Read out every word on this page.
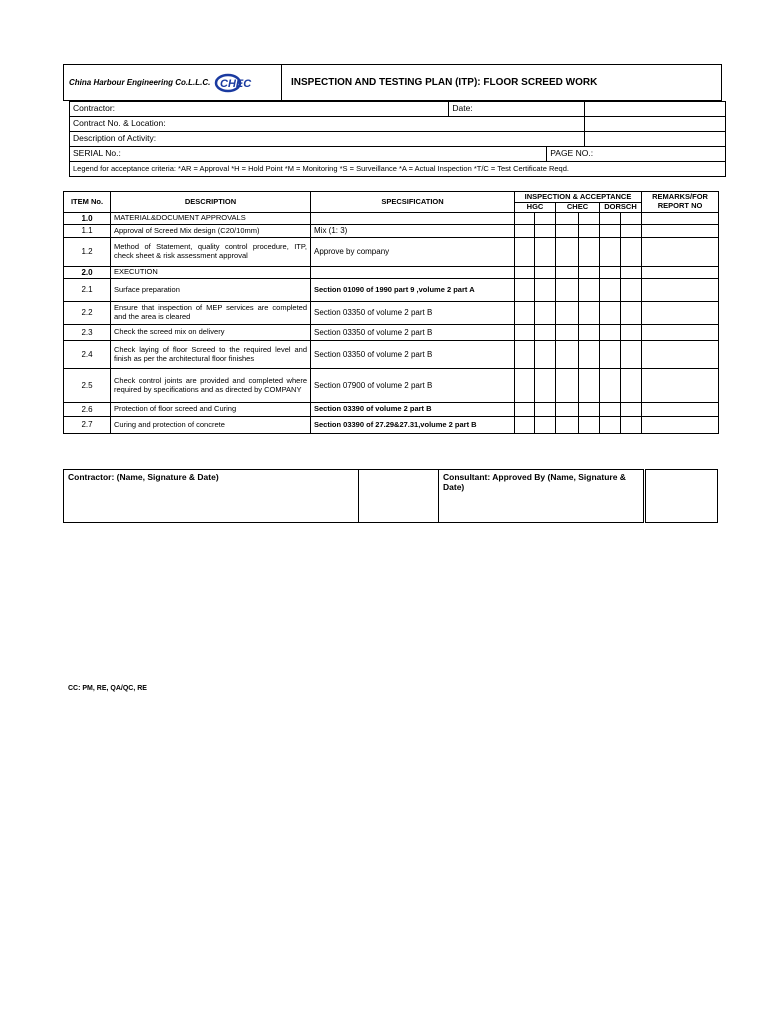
China Harbour Engineering Co.L.L.C. CHEC	INSPECTION AND TESTING PLAN (ITP): FLOOR SCREED WORK
Contractor:	Date:		
Contract No. & Location:			
Description of Activity:			
SERIAL No.:		PAGE NO.:	
Legend for acceptance criteria: *AR = Approval *H = Hold Point *M = Monitoring *S = Surveillance *A = Actual Inspection *T/C = Test Certificate Reqd.			
ITEM No.	DESCRIPTION	SPECSIFICATION	INSPECTION & ACCEPTANCE						REMARKS/FOR REPORT NO
			HGC		CHEC		DORSCH		
1.0	MATERIAL&DOCUMENT APPROVALS								
1.1	Approval of Screed Mix design (C20/10mm)	Mix (1: 3)							
1.2	Method of Statement, quality control procedure, ITP, check sheet & risk assessment approval	Approve by company							
2.0	EXECUTION								
2.1	Surface preparation	Section 01090 of 1990 part 9 ,volume 2 part A							
2.2	Ensure that inspection of MEP services are completed and the area is cleared	Section 03350 of volume 2 part B							
2.3	Check the screed mix on delivery	Section 03350 of volume 2 part B							
2.4	Check laying of floor Screed to the required level and finish as per the architectural floor finishes	Section 03350 of volume 2 part B							
2.5	Check control joints are provided and completed where required by specifications and as directed by COMPANY	Section 07900 of volume 2 part B							
2.6	Protection of floor screed and Curing	Section 03390 of volume 2 part B							
2.7	Curing and protection of concrete	Section 03390 of 27.29&27.31,volume 2 part B							
Contractor: (Name, Signature & Date)	Consultant: Approved By (Name, Signature & Date)
CC: PM, RE, QA/QC, RE
